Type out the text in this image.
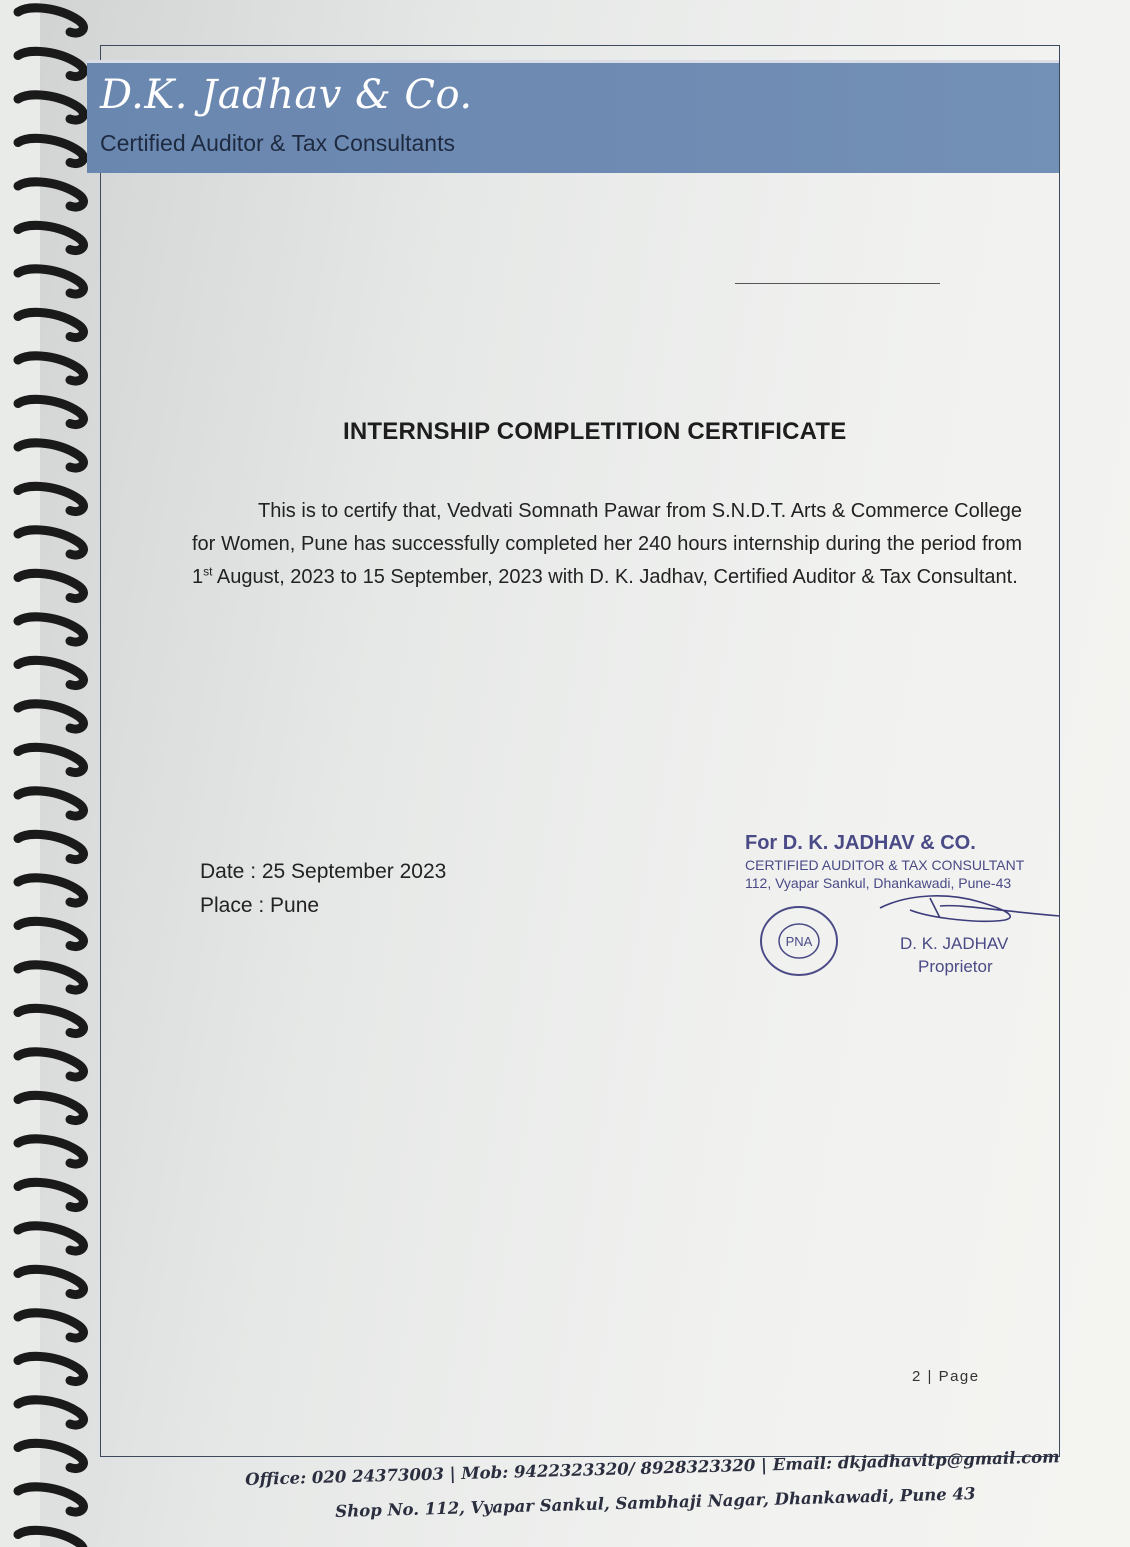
D.K. Jadhav & Co.
Certified Auditor & Tax Consultants
INTERNSHIP COMPLETITION CERTIFICATE
This is to certify that, Vedvati Somnath Pawar from S.N.D.T. Arts & Commerce College for Women, Pune has successfully completed her 240 hours internship during the period from 1st August, 2023 to 15 September, 2023 with D. K. Jadhav, Certified Auditor & Tax Consultant.
Date : 25 September 2023
Place : Pune
For D. K. JADHAV & CO.
CERTIFIED AUDITOR & TAX CONSULTANT
112, Vyapar Sankul, Dhankawadi, Pune-43
PNA	D. K. JADHAV
Proprietor
2 | Page
Office: 020 24373003 | Mob: 9422323320/ 8928323320 | Email: dkjadhavitp@gmail.com
Shop No. 112, Vyapar Sankul, Sambhaji Nagar, Dhankawadi, Pune 43
